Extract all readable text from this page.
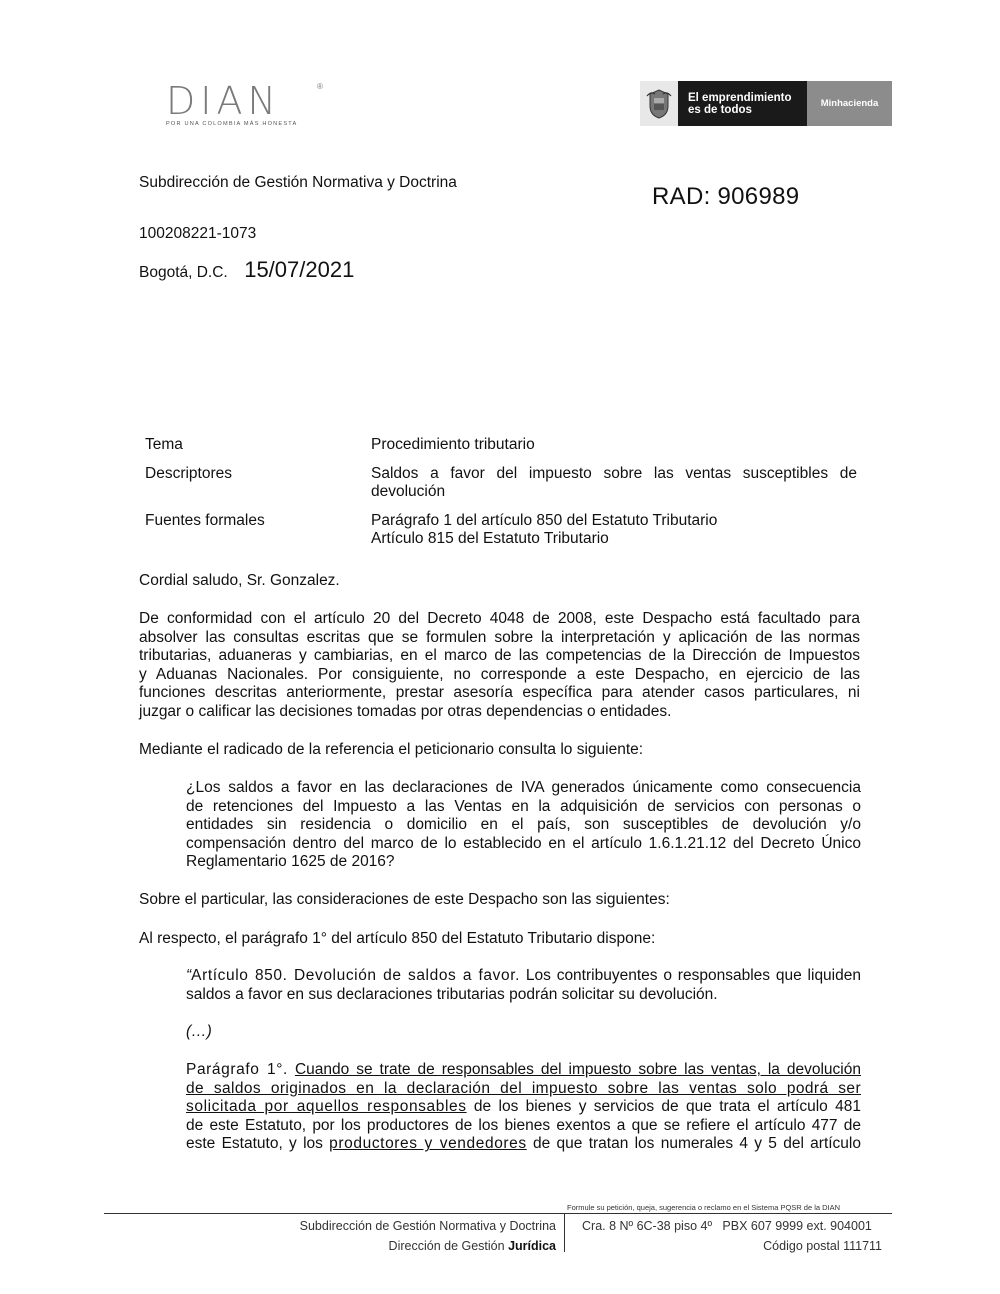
DIAN	®
POR UNA COLOMBIA MÁS HONESTA
El emprendimiento
es de todos	Minhacienda
Subdirección de Gestión Normativa y Doctrina
RAD: 906989
100208221-1073
Bogotá, D.C. 15/07/2021
Tema	Procedimiento tributario
Descriptores	Saldos a favor del impuesto sobre las ventas susceptibles de
devolución

Fuentes formales	Parágrafo 1 del artículo 850 del Estatuto Tributario
Artículo 815 del Estatuto Tributario
Cordial saludo, Sr. Gonzalez.
De conformidad con el artículo 20 del Decreto 4048 de 2008, este Despacho está facultado para
absolver las consultas escritas que se formulen sobre la interpretación y aplicación de las normas
tributarias, aduaneras y cambiarias, en el marco de las competencias de la Dirección de Impuestos
y Aduanas Nacionales. Por consiguiente, no corresponde a este Despacho, en ejercicio de las
funciones descritas anteriormente, prestar asesoría específica para atender casos particulares, ni
juzgar o calificar las decisiones tomadas por otras dependencias o entidades.
Mediante el radicado de la referencia el peticionario consulta lo siguiente:
¿Los saldos a favor en las declaraciones de IVA generados únicamente como consecuencia
de retenciones del Impuesto a las Ventas en la adquisición de servicios con personas o
entidades sin residencia o domicilio en el país, son susceptibles de devolución y/o
compensación dentro del marco de lo establecido en el artículo 1.6.1.21.12 del Decreto Único
Reglamentario 1625 de 2016?
Sobre el particular, las consideraciones de este Despacho son las siguientes:
Al respecto, el parágrafo 1° del artículo 850 del Estatuto Tributario dispone:
“Artículo 850. Devolución de saldos a favor. Los contribuyentes o responsables que liquiden
saldos a favor en sus declaraciones tributarias podrán solicitar su devolución.
(…)
Parágrafo 1°. Cuando se trate de responsables del impuesto sobre las ventas, la devolución
de saldos originados en la declaración del impuesto sobre las ventas solo podrá ser
solicitada por aquellos responsables de los bienes y servicios de que trata el artículo 481
de este Estatuto, por los productores de los bienes exentos a que se refiere el artículo 477 de
este Estatuto, y los productores y vendedores de que tratan los numerales 4 y 5 del artículo
Formule su petición, queja, sugerencia o reclamo en el Sistema PQSR de la DIAN
Subdirección de Gestión Normativa y Doctrina
Dirección de Gestión Jurídica
Cra. 8 Nº 6C-38 piso 4º   PBX 607 9999 ext. 904001
Código postal 111711
